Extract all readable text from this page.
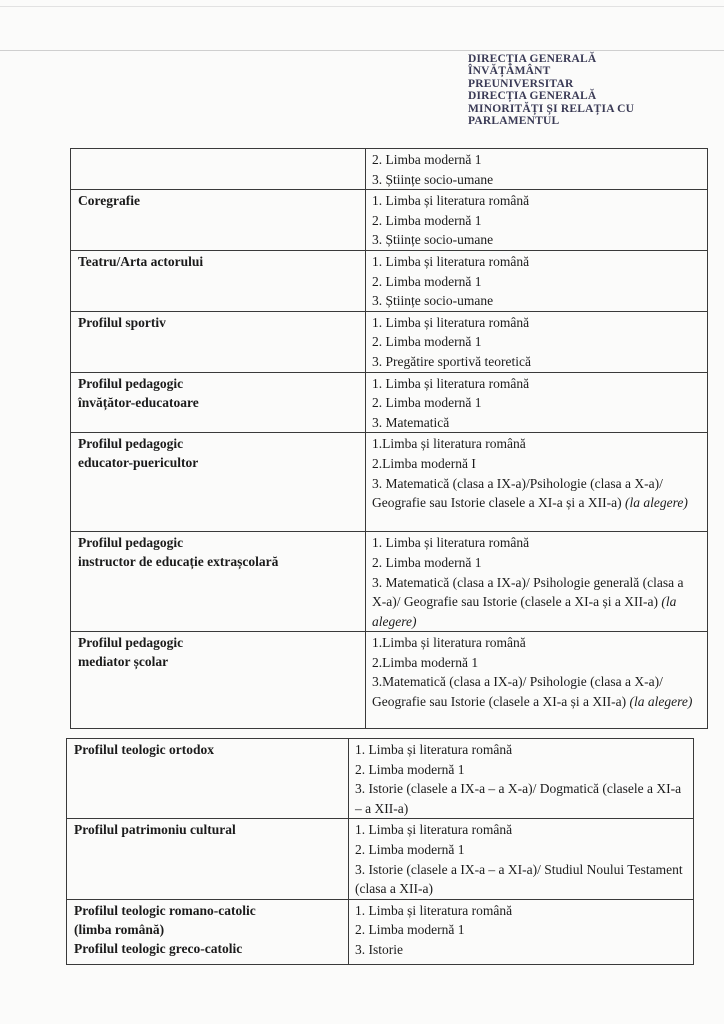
DIRECȚIA GENERALĂ
ÎNVĂȚĂMÂNT
PREUNIVERSITAR
DIRECȚIA GENERALĂ
MINORITĂȚI ȘI RELAȚIA CU
PARLAMENTUL

	2. Limba modernă 1
3. Științe socio-umane

Coregrafie	1. Limba și literatura română
2. Limba modernă 1
3. Științe socio-umane

Teatru/Arta actorului	1. Limba și literatura română
2. Limba modernă 1
3. Științe socio-umane

Profilul sportiv	1. Limba și literatura română
2. Limba modernă 1
3. Pregătire sportivă teoretică

Profilul pedagogic
învățător-educatoare	1. Limba și literatura română
2. Limba modernă 1
3. Matematică

Profilul pedagogic
educator-puericultor	1.Limba și literatura română
2.Limba modernă I
3. Matematică (clasa a IX-a)/Psihologie (clasa a X-a)/ Geografie sau Istorie clasele a XI-a și a XII-a) (la alegere)

Profilul pedagogic
instructor de educație extrașcolară	1. Limba și literatura română
2. Limba modernă 1
3. Matematică (clasa a IX-a)/ Psihologie generală (clasa a X-a)/ Geografie sau Istorie (clasele a XI-a și a XII-a) (la alegere)

Profilul pedagogic
mediator școlar	1.Limba și literatura română
2.Limba modernă 1
3.Matematică (clasa a IX-a)/ Psihologie (clasa a X-a)/ Geografie sau Istorie (clasele a XI-a și a XII-a) (la alegere)
Profilul teologic ortodox	1. Limba și literatura română
2. Limba modernă 1
3. Istorie (clasele a IX-a – a X-a)/ Dogmatică (clasele a XI-a – a XII-a)

Profilul patrimoniu cultural	1. Limba și literatura română
2. Limba modernă 1
3. Istorie (clasele a IX-a – a XI-a)/ Studiul Noului Testament (clasa a XII-a)

Profilul teologic romano-catolic
(limba română)
Profilul teologic greco-catolic	1. Limba și literatura română
2. Limba modernă 1
3. Istorie
